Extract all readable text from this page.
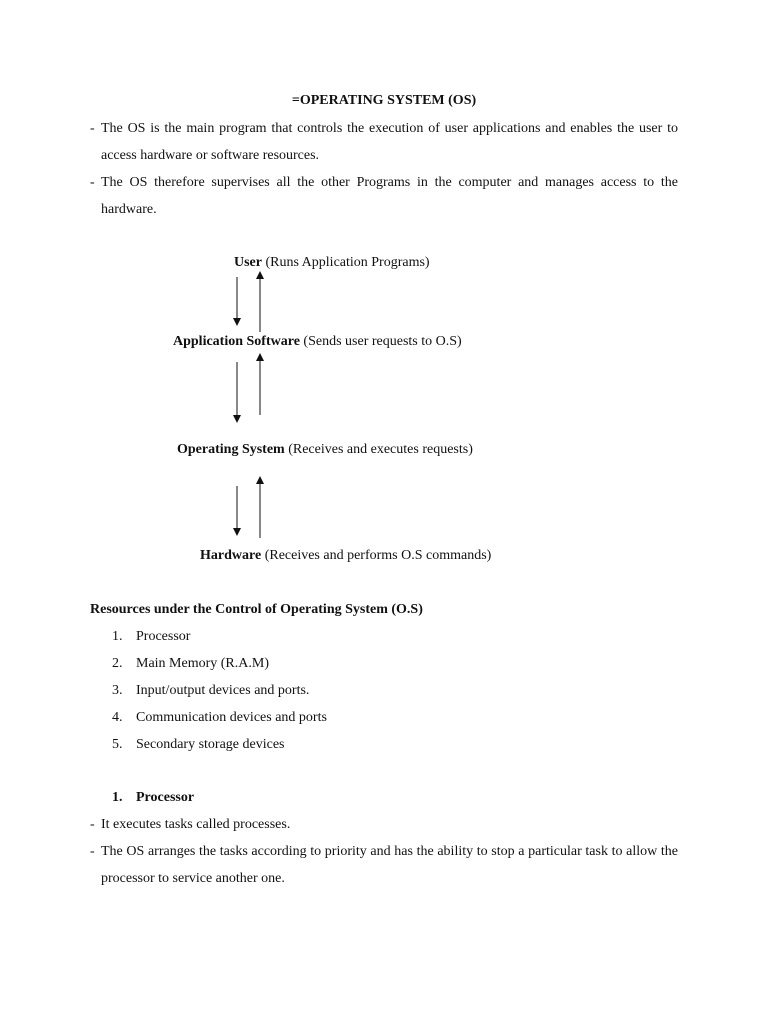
=OPERATING SYSTEM (OS)
- The OS is the main program that controls the execution of user applications and enables the user to access hardware or software resources.
- The OS therefore supervises all the other Programs in the computer and manages access to the hardware.
User (Runs Application Programs)
Application Software (Sends user requests to O.S)
Operating System (Receives and executes requests)
Hardware (Receives and performs O.S commands)
Resources under the Control of Operating System (O.S)
1. Processor
2. Main Memory (R.A.M)
3. Input/output devices and ports.
4. Communication devices and ports
5. Secondary storage devices
1. Processor
- It executes tasks called processes.
- The OS arranges the tasks according to priority and has the ability to stop a particular task to allow the processor to service another one.
